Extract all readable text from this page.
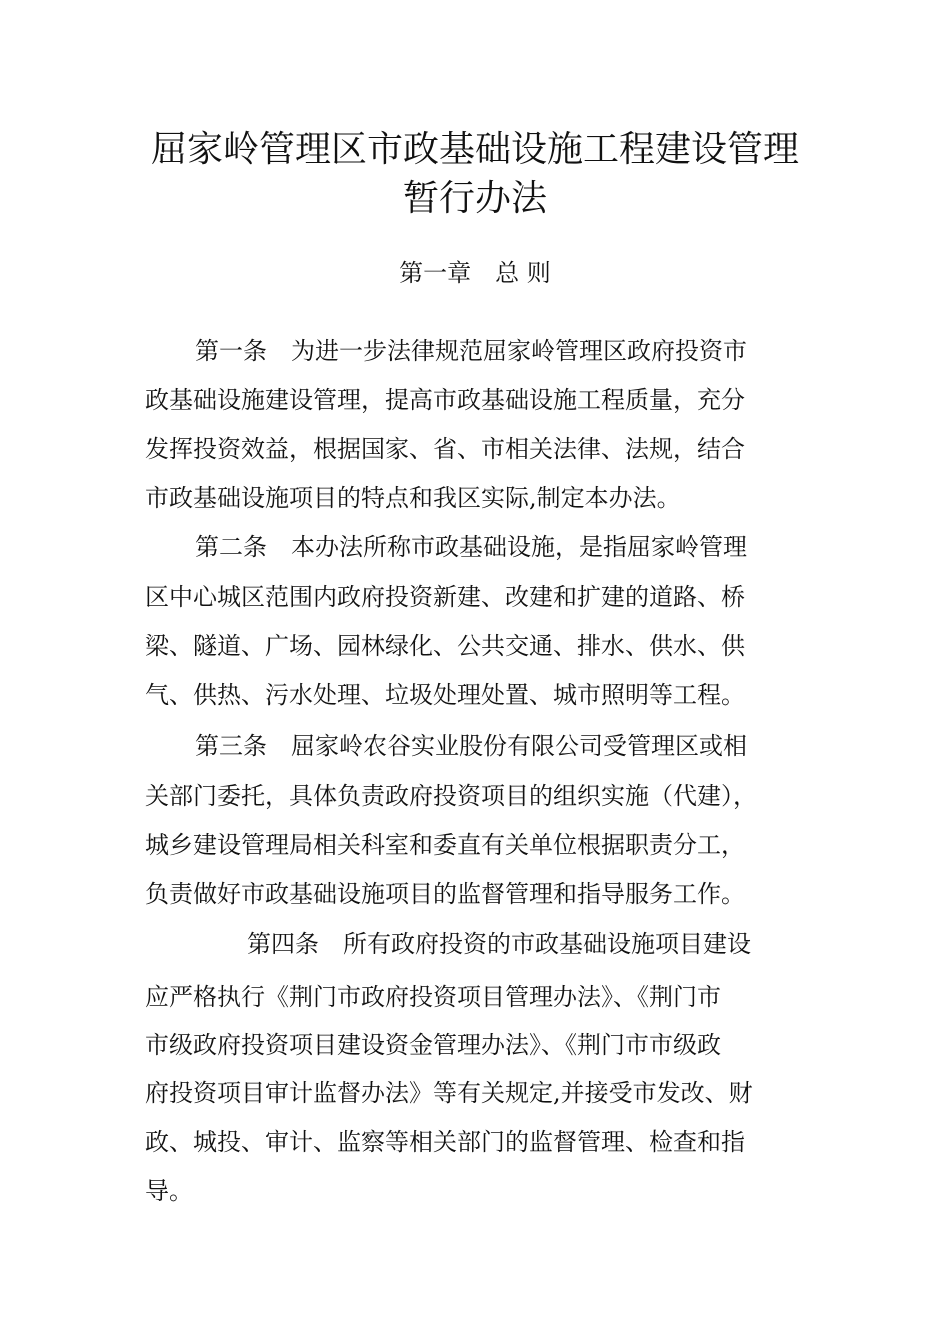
屈家岭管理区市政基础设施工程建设管理
暂行办法
第一章　总 则
第一条　为进一步法律规范屈家岭管理区政府投资市
政基础设施建设管理，提高市政基础设施工程质量，充分
发挥投资效益，根据国家、省、市相关法律、法规，结合
市政基础设施项目的特点和我区实际,制定本办法。
第二条　本办法所称市政基础设施，是指屈家岭管理
区中心城区范围内政府投资新建、改建和扩建的道路、桥
梁、隧道、广场、园林绿化、公共交通、排水、供水、供
气、供热、污水处理、垃圾处理处置、城市照明等工程。
第三条　屈家岭农谷实业股份有限公司受管理区或相
关部门委托，具体负责政府投资项目的组织实施（代建），
城乡建设管理局相关科室和委直有关单位根据职责分工，
负责做好市政基础设施项目的监督管理和指导服务工作。
第四条　所有政府投资的市政基础设施项目建设
应严格执行《荆门市政府投资项目管理办法》、《荆门市
市级政府投资项目建设资金管理办法》、《荆门市市级政
府投资项目审计监督办法》等有关规定,并接受市发改、财
政、城投、审计、监察等相关部门的监督管理、检查和指
导。
